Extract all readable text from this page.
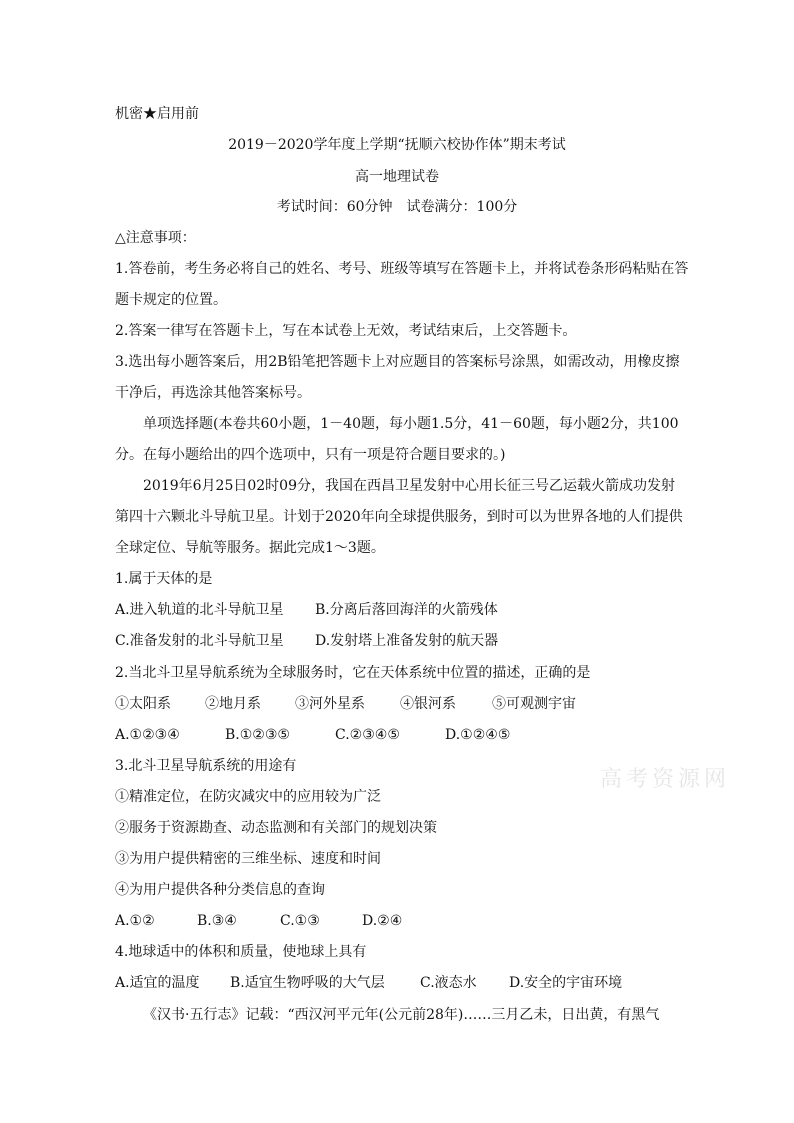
机密★启用前
2019－2020学年度上学期“抚顺六校协作体”期末考试
高一地理试卷
考试时间：60分钟　试卷满分：100分
△注意事项：
1.答卷前，考生务必将自己的姓名、考号、班级等填写在答题卡上，并将试卷条形码粘贴在答
题卡规定的位置。
2.答案一律写在答题卡上，写在本试卷上无效，考试结束后，上交答题卡。
3.选出每小题答案后，用2B铅笔把答题卡上对应题目的答案标号涂黑，如需改动，用橡皮擦
干净后，再选涂其他答案标号。
单项选择题(本卷共60小题，1－40题，每小题1.5分，41－60题，每小题2分，共100
分。在每小题给出的四个选项中，只有一项是符合题目要求的。)
2019年6月25日02时09分，我国在西昌卫星发射中心用长征三号乙运载火箭成功发射
第四十六颗北斗导航卫星。计划于2020年向全球提供服务，到时可以为世界各地的人们提供
全球定位、导航等服务。据此完成1～3题。
1.属于天体的是
A.进入轨道的北斗导航卫星 B.分离后落回海洋的火箭残体
C.准备发射的北斗导航卫星 D.发射塔上准备发射的航天器
2.当北斗卫星导航系统为全球服务时，它在天体系统中位置的描述，正确的是
①太阳系 ②地月系 ③河外星系	④银河系	⑤可观测宇宙
A.①②③④	B.①②③⑤	C.②③④⑤	D.①②④⑤
3.北斗卫星导航系统的用途有
①精准定位，在防灾减灾中的应用较为广泛
②服务于资源勘查、动态监测和有关部门的规划决策
③为用户提供精密的三维坐标、速度和时间
④为用户提供各种分类信息的查询
A.①②	B.③④	C.①③	D.②④
4.地球适中的体积和质量，使地球上具有
A.适宜的温度 B.适宜生物呼吸的大气层	C.液态水 D.安全的宇宙环境
《汉书·五行志》记载：“西汉河平元年(公元前28年)……三月乙未，日出黄，有黑气
高考资源网
